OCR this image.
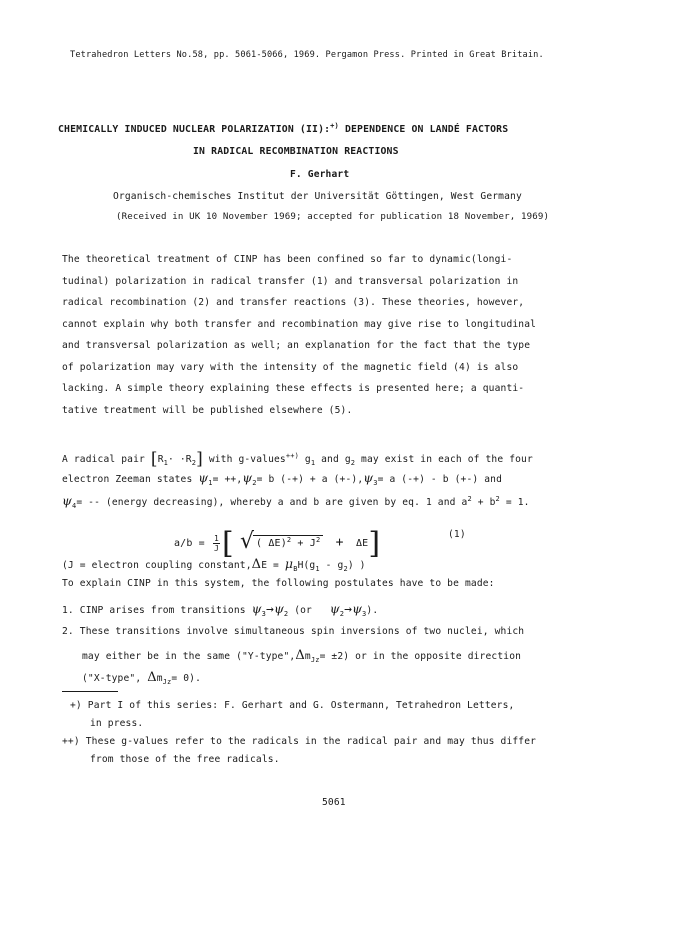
Tetrahedron Letters No.58, pp. 5061-5066, 1969. Pergamon Press. Printed in Great Britain.
CHEMICALLY INDUCED NUCLEAR POLARIZATION (II):+) DEPENDENCE ON LANDÉ FACTORS
IN RADICAL RECOMBINATION REACTIONS
F. Gerhart
Organisch-chemisches Institut der Universität Göttingen, West Germany
(Received in UK 10 November 1969; accepted for publication 18 November, 1969)
The theoretical treatment of CINP has been confined so far to dynamic(longi-
tudinal) polarization in radical transfer (1) and transversal polarization in
radical recombination (2) and transfer reactions (3). These theories, however,
cannot explain why both transfer and recombination may give rise to longitudinal
and transversal polarization as well; an explanation for the fact that the type
of polarization may vary with the intensity of the magnetic field (4) is also
lacking. A simple theory explaining these effects is presented here; a quanti-
tative treatment will be published elsewhere (5).
A radical pair $[R_1\cdot \cdot R_2]$ with g-values++) $g_1$ and $g_2$ may exist in each of the four
electron Zeeman states $\psi_1= ++,\psi_2= b$ (-+) + a $(+-),\psi_3= a$ (-+) - b (+-) and
$\psi_4=$ -- (energy decreasing), whereby a and b are given by eq. 1 and $a^2 + b^2 = 1$.
$a/b = \frac{1}{J}$ [ √ ( $\Delta E)^2 + J^2 + \Delta E$]	(1)
(J = electron coupling constant,ΔE = $\mu_BH(g_1 - g_2)$ )
To explain CINP in this system, the following postulates have to be made:
1. CINP arises from transitions $\psi_3\to\psi_2$ (or   $\psi_2\to\psi_3$).
2. These transitions involve simultaneous spin inversions of two nuclei, which
may either be in the same $("Y-type",\Delta m_{Jz}= \pm 2)$ or in the opposite direction
("X-type", $\Delta m_{Jz}= 0$).
+) Part I of this series: F. Gerhart and G. Ostermann, Tetrahedron Letters,
in press.
++) These g-values refer to the radicals in the radical pair and may thus differ
from those of the free radicals.
5061
